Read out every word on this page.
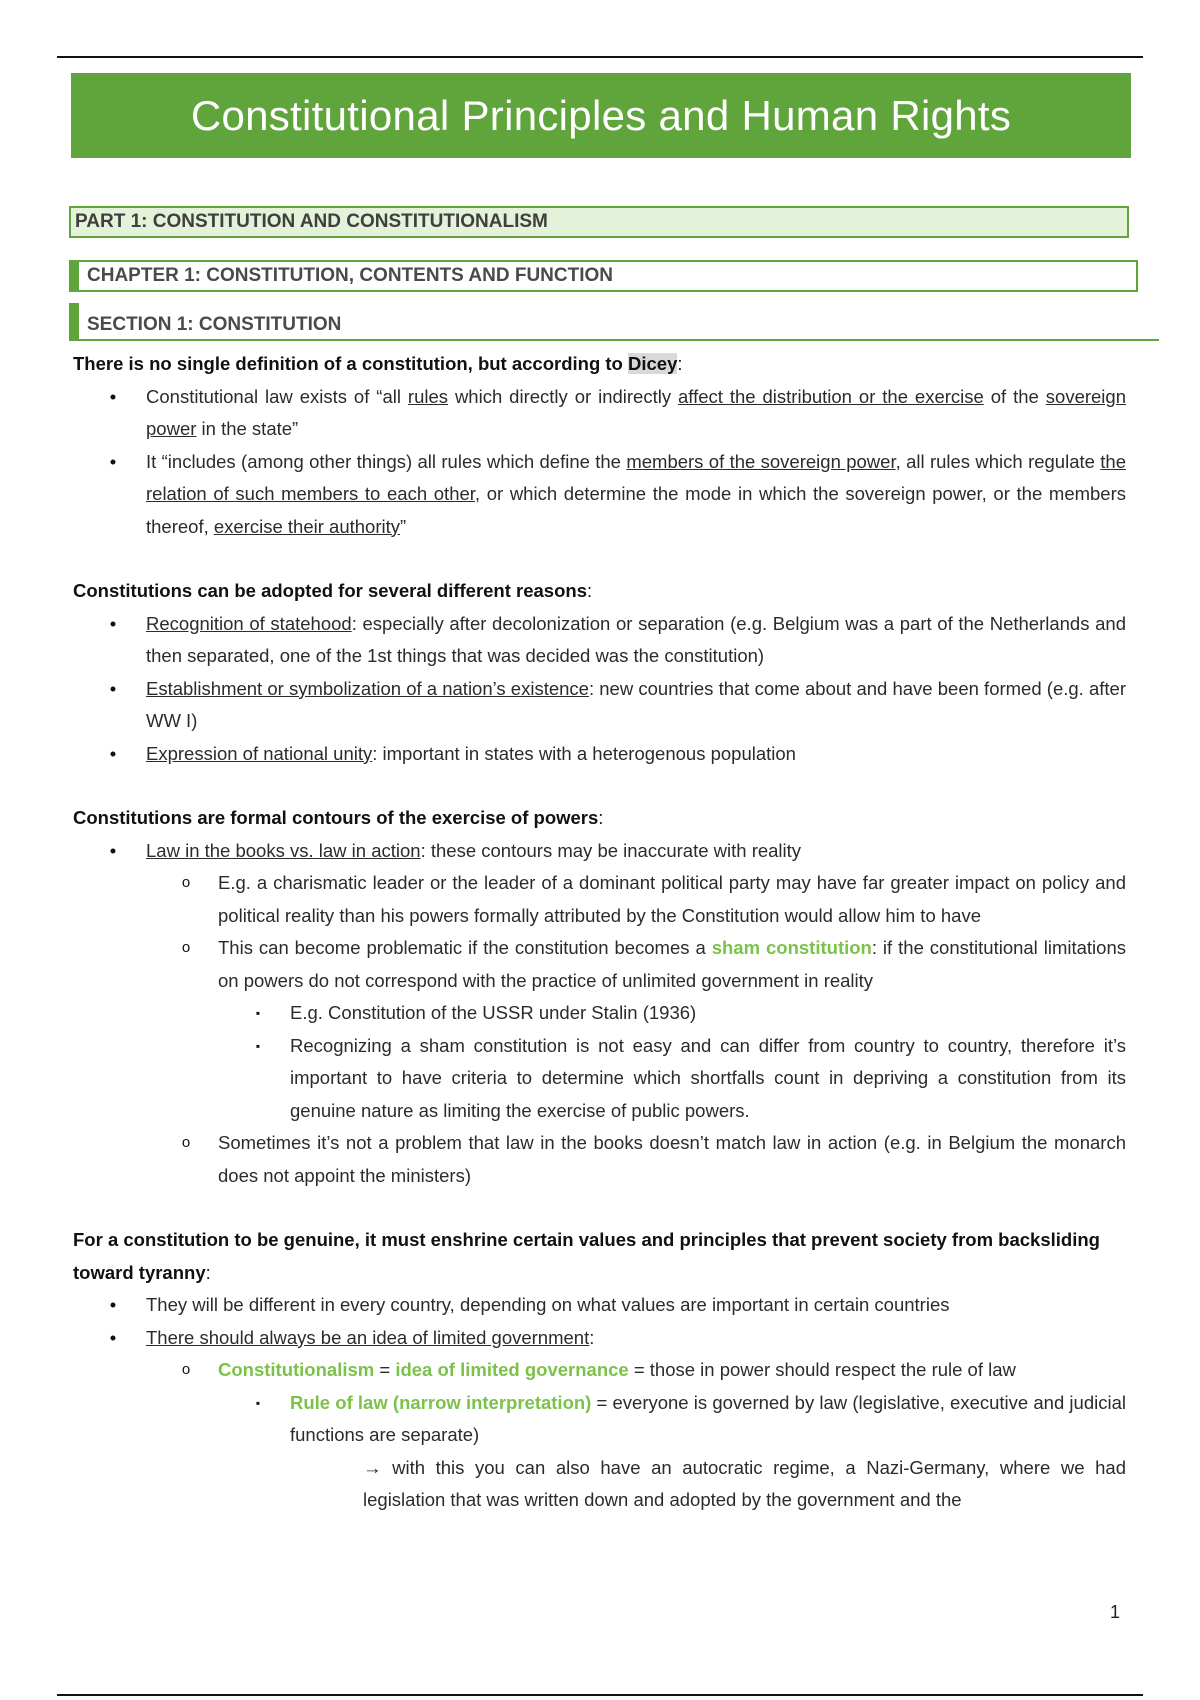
Constitutional Principles and Human Rights
PART 1: CONSTITUTION AND CONSTITUTIONALISM
CHAPTER 1: CONSTITUTION, CONTENTS AND FUNCTION
SECTION 1: CONSTITUTION
There is no single definition of a constitution, but according to Dicey:
•	Constitutional law exists of “all rules which directly or indirectly affect the distribution or the exercise of the sovereign power in the state”
•	It “includes (among other things) all rules which define the members of the sovereign power, all rules which regulate the relation of such members to each other, or which determine the mode in which the sovereign power, or the members thereof, exercise their authority”
Constitutions can be adopted for several different reasons:
•	Recognition of statehood: especially after decolonization or separation (e.g. Belgium was a part of the Netherlands and then separated, one of the 1st things that was decided was the constitution)
•	Establishment or symbolization of a nation’s existence: new countries that come about and have been formed (e.g. after WW I)
•	Expression of national unity: important in states with a heterogenous population
Constitutions are formal contours of the exercise of powers:
•	Law in the books vs. law in action: these contours may be inaccurate with reality
o	E.g. a charismatic leader or the leader of a dominant political party may have far greater impact on policy and political reality than his powers formally attributed by the Constitution would allow him to have
o	This can become problematic if the constitution becomes a sham constitution: if the constitutional limitations on powers do not correspond with the practice of unlimited government in reality
▪	E.g. Constitution of the USSR under Stalin (1936)
▪	Recognizing a sham constitution is not easy and can differ from country to country, therefore it’s important to have criteria to determine which shortfalls count in depriving a constitution from its genuine nature as limiting the exercise of public powers.
o	Sometimes it’s not a problem that law in the books doesn’t match law in action (e.g. in Belgium the monarch does not appoint the ministers)
For a constitution to be genuine, it must enshrine certain values and principles that prevent society from backsliding toward tyranny:
•	They will be different in every country, depending on what values are important in certain countries
•	There should always be an idea of limited government:
o	Constitutionalism = idea of limited governance = those in power should respect the rule of law
▪	Rule of law (narrow interpretation) = everyone is governed by law (legislative, executive and judicial functions are separate)
→ with this you can also have an autocratic regime, a Nazi-Germany, where we had legislation that was written down and adopted by the government and the
1
